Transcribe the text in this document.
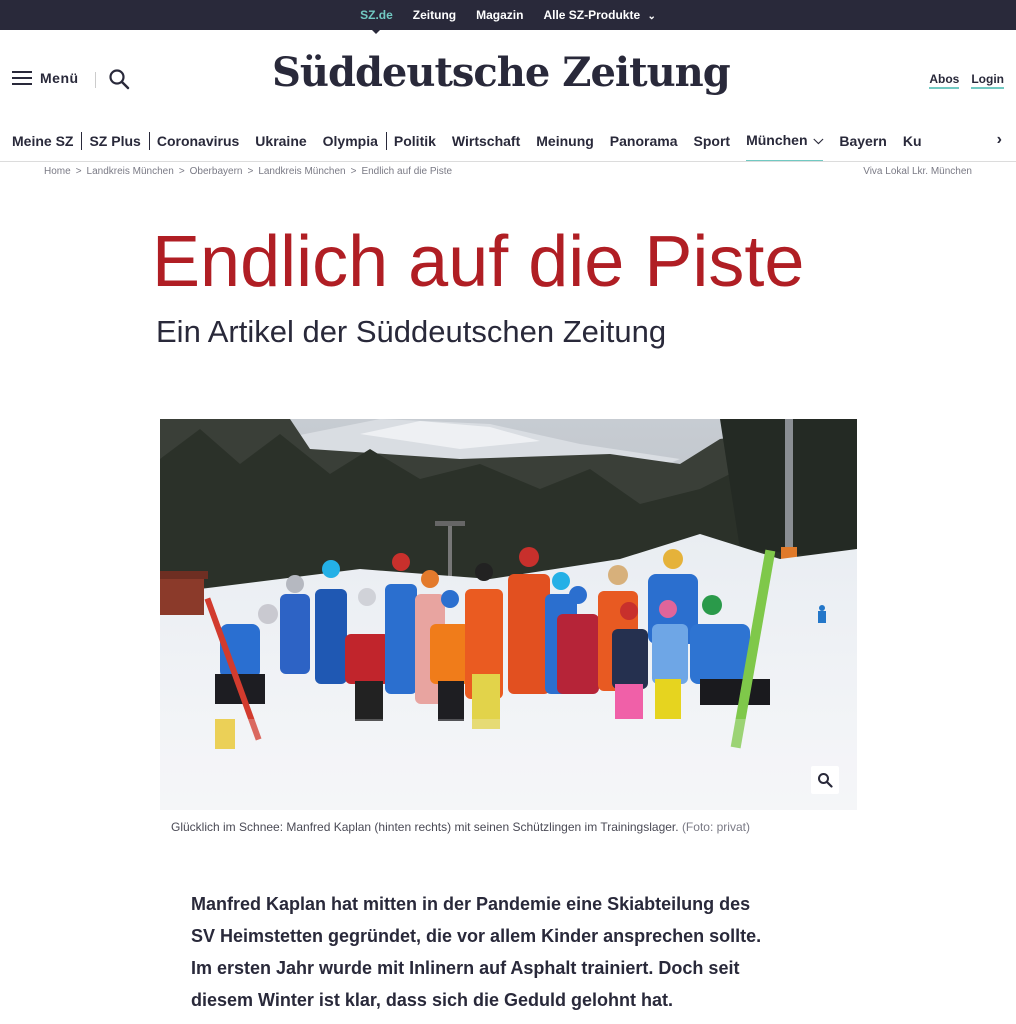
SZ.de Zeitung Magazin Alle SZ-Produkte ⌄
Menü	Süddeutsche Zeitung	Abos Login
Meine SZ SZ Plus Coronavirus Ukraine Olympia Politik Wirtschaft Meinung Panorama Sport München ⌵ Bayern Ku	›
Home > Landkreis München > Oberbayern > Landkreis München > Endlich auf die Piste	Viva Lokal Lkr. München
Endlich auf die Piste
Ein Artikel der Süddeutschen Zeitung
Glücklich im Schnee: Manfred Kaplan (hinten rechts) mit seinen Schützlingen im Trainingslager. (Foto: privat)
Manfred Kaplan hat mitten in der Pandemie eine Skiabteilung des
SV Heimstetten gegründet, die vor allem Kinder ansprechen sollte.
Im ersten Jahr wurde mit Inlinern auf Asphalt trainiert. Doch seit
diesem Winter ist klar, dass sich die Geduld gelohnt hat.
